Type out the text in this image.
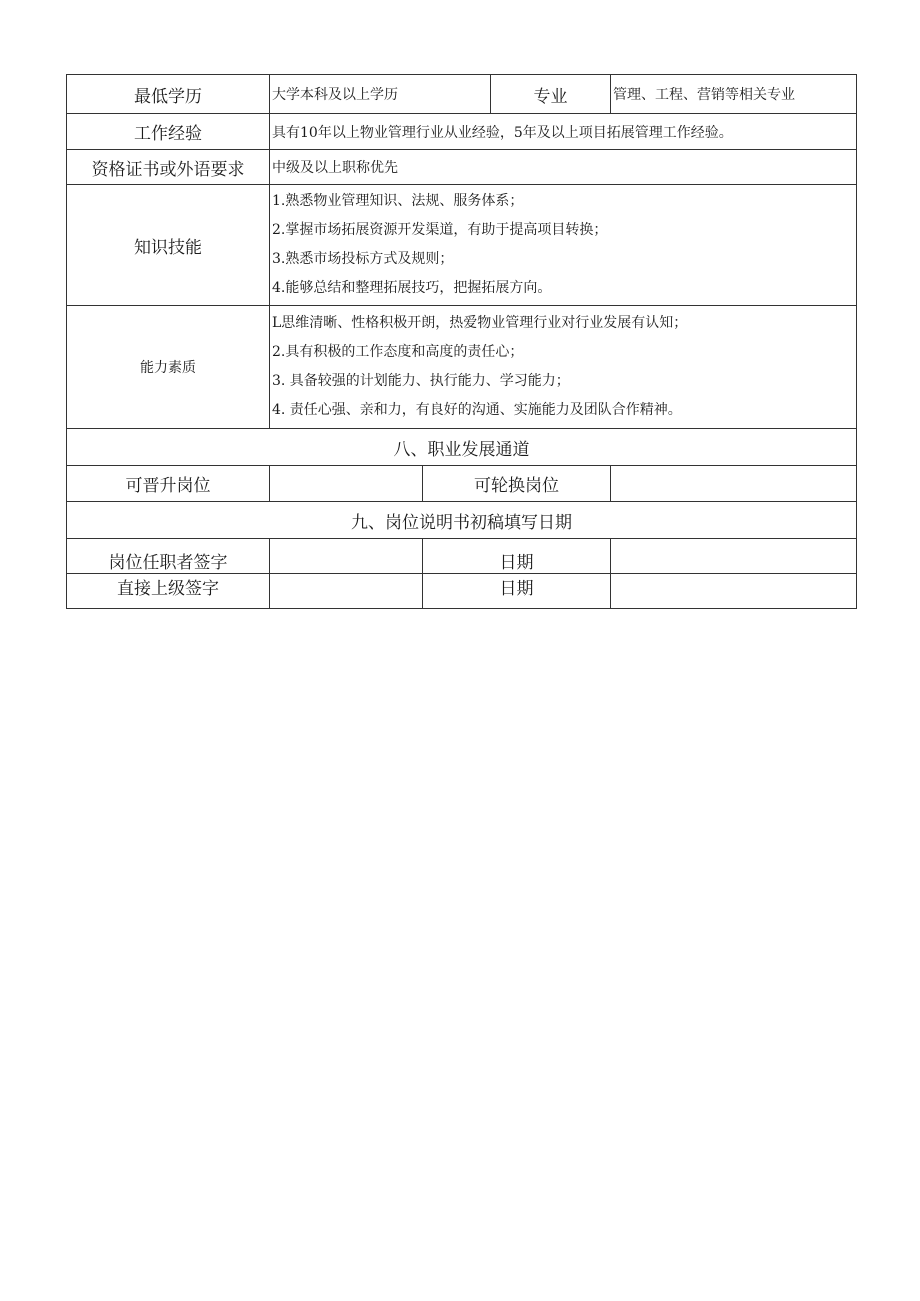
最低学历	大学本科及以上学历		专业	管理、工程、营销等相关专业
工作经验	具有10年以上物业管理行业从业经验，5年及以上项目拓展管理工作经验。			
资格证书或外语要求	中级及以上职称优先			
知识技能	1.熟悉物业管理知识、法规、服务体系；
2.掌握市场拓展资源开发渠道，有助于提高项目转换；
3.熟悉市场投标方式及规则；
4.能够总结和整理拓展技巧，把握拓展方向。			

能力素质	L思维清晰、性格积极开朗，热爱物业管理行业对行业发展有认知；
2.具有积极的工作态度和高度的责任心；
3. 具备较强的计划能力、执行能力、学习能力；
4. 责任心强、亲和力，有良好的沟通、实施能力及团队合作精神。			

八、职业发展通道				
可晋升岗位		可轮换岗位		
九、岗位说明书初稿填写日期				
岗位任职者签字		日期		
直接上级签字		日期		
